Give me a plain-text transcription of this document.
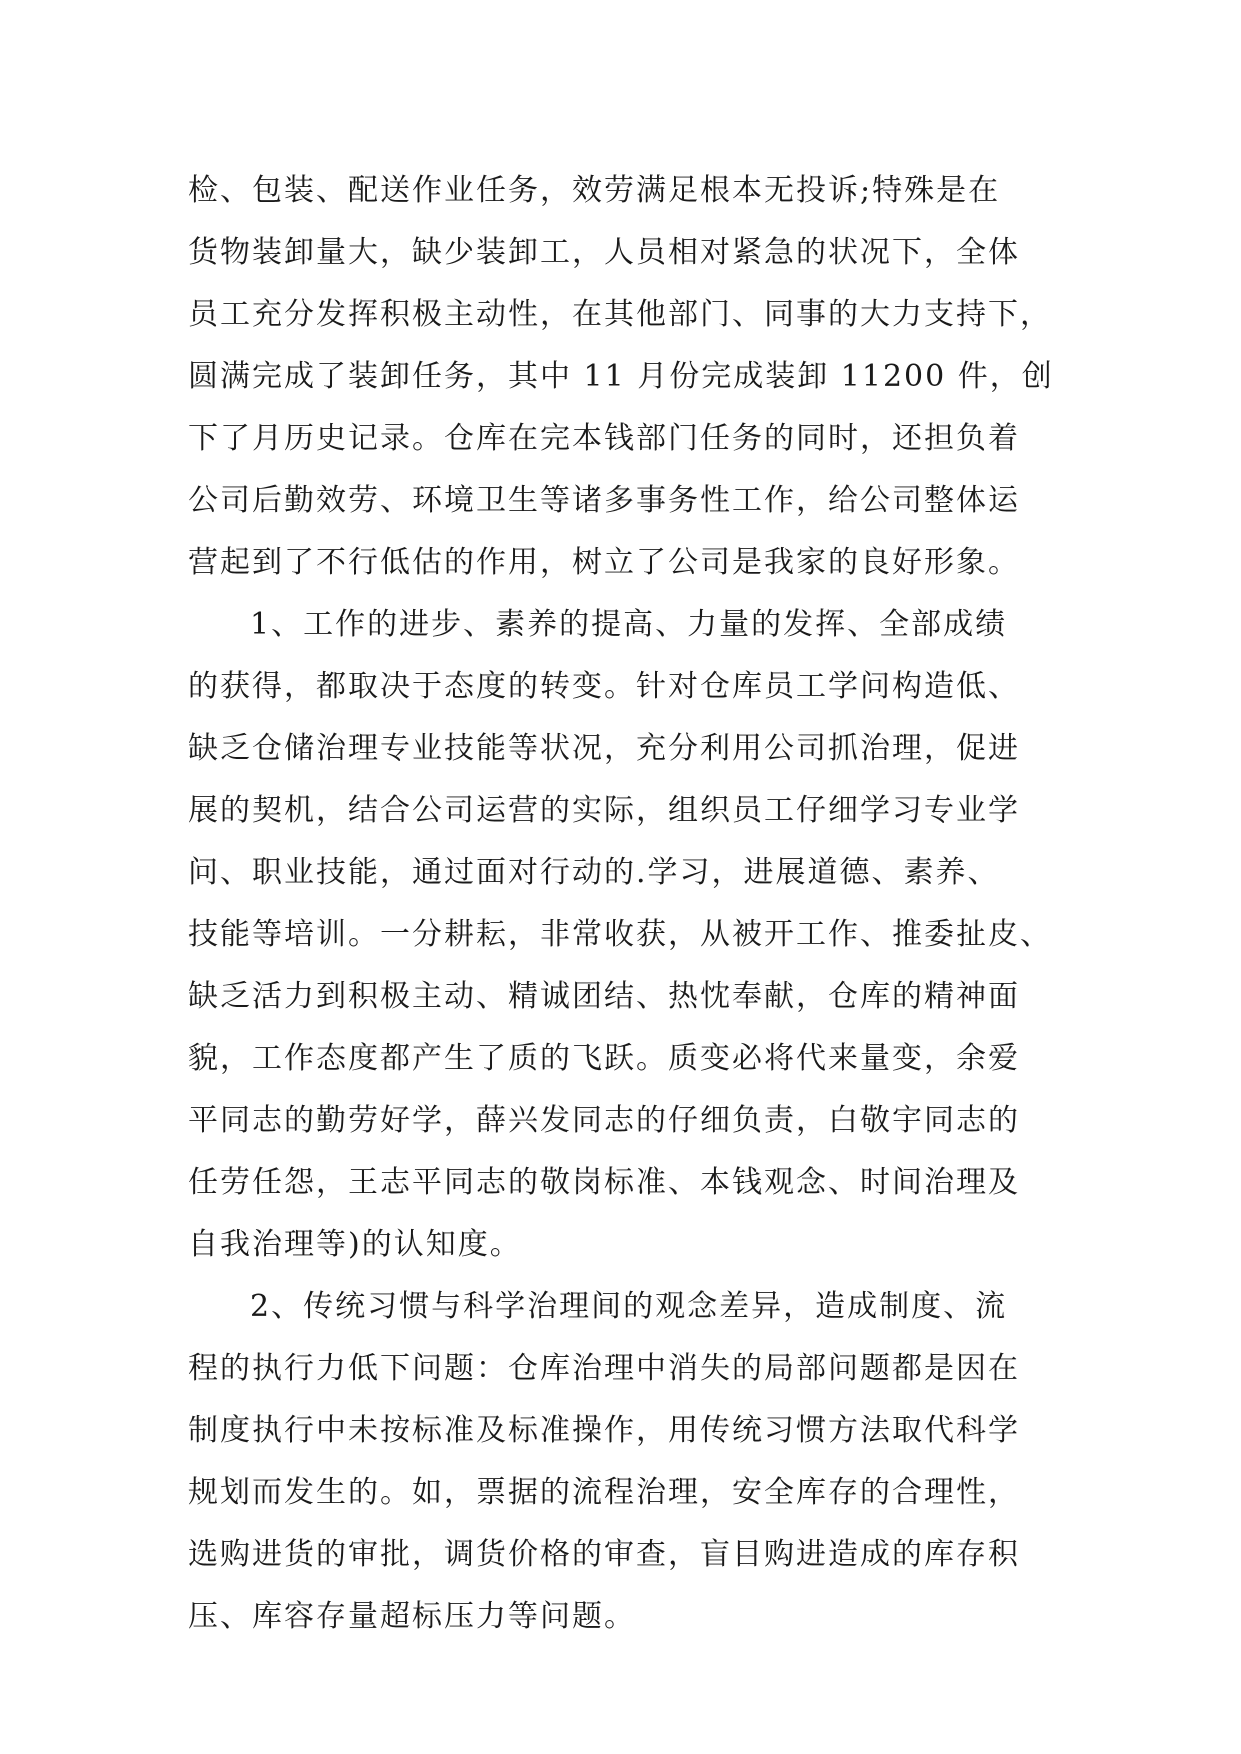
检、包装、配送作业任务，效劳满足根本无投诉;特殊是在
货物装卸量大，缺少装卸工，人员相对紧急的状况下，全体
员工充分发挥积极主动性，在其他部门、同事的大力支持下，
圆满完成了装卸任务，其中 11 月份完成装卸 11200 件，创
下了月历史记录。仓库在完本钱部门任务的同时，还担负着
公司后勤效劳、环境卫生等诸多事务性工作，给公司整体运
营起到了不行低估的作用，树立了公司是我家的良好形象。
1、工作的进步、素养的提高、力量的发挥、全部成绩
的获得，都取决于态度的转变。针对仓库员工学问构造低、
缺乏仓储治理专业技能等状况，充分利用公司抓治理，促进
展的契机，结合公司运营的实际，组织员工仔细学习专业学
问、职业技能，通过面对行动的.学习，进展道德、素养、
技能等培训。一分耕耘，非常收获，从被开工作、推委扯皮、
缺乏活力到积极主动、精诚团结、热忱奉献，仓库的精神面
貌，工作态度都产生了质的飞跃。质变必将代来量变，余爱
平同志的勤劳好学，薛兴发同志的仔细负责，白敬宇同志的
任劳任怨，王志平同志的敬岗标准、本钱观念、时间治理及
自我治理等)的认知度。
2、传统习惯与科学治理间的观念差异，造成制度、流
程的执行力低下问题：仓库治理中消失的局部问题都是因在
制度执行中未按标准及标准操作，用传统习惯方法取代科学
规划而发生的。如，票据的流程治理，安全库存的合理性，
选购进货的审批，调货价格的审查，盲目购进造成的库存积
压、库容存量超标压力等问题。
